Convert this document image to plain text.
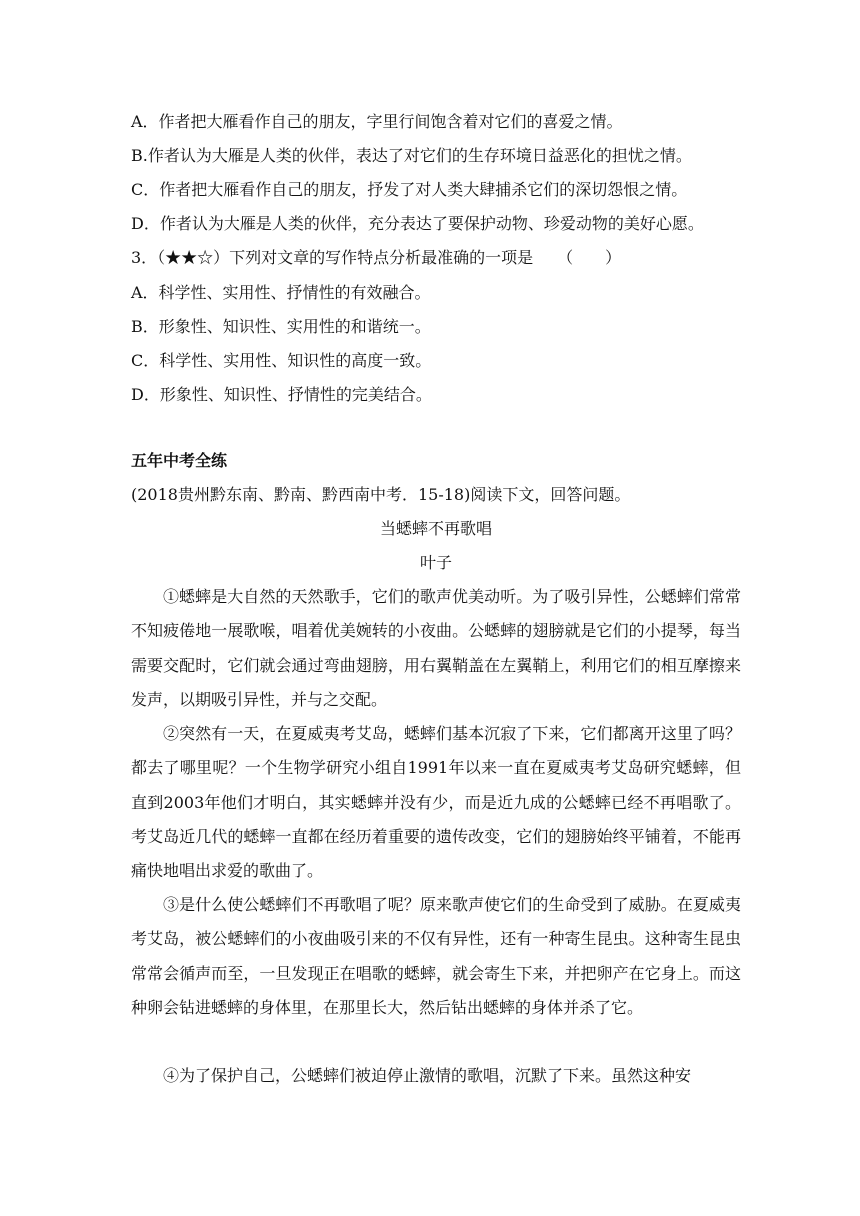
A．作者把大雁看作自己的朋友，字里行间饱含着对它们的喜爱之情。
B.作者认为大雁是人类的伙伴，表达了对它们的生存环境日益恶化的担忧之情。
C．作者把大雁看作自己的朋友，抒发了对人类大肆捕杀它们的深切怨恨之情。
D．作者认为大雁是人类的伙伴，充分表达了要保护动物、珍爱动物的美好心愿。
3．（★★☆）下列对文章的写作特点分析最准确的一项是　　（　　）
A．科学性、实用性、抒情性的有效融合。
B．形象性、知识性、实用性的和谐统一。
C．科学性、实用性、知识性的高度一致。
D．形象性、知识性、抒情性的完美结合。
五年中考全练
(2018贵州黔东南、黔南、黔西南中考．15-18)阅读下文，回答问题。
当蟋蟀不再歌唱
叶子

①蟋蟀是大自然的天然歌手，它们的歌声优美动听。为了吸引异性，公蟋蟀们常常不知疲倦地一展歌喉，唱着优美婉转的小夜曲。公蟋蟀的翅膀就是它们的小提琴，每当需要交配时，它们就会通过弯曲翅膀，用右翼鞘盖在左翼鞘上，利用它们的相互摩擦来发声，以期吸引异性，并与之交配。

②突然有一天，在夏威夷考艾岛，蟋蟀们基本沉寂了下来，它们都离开这里了吗？都去了哪里呢？一个生物学研究小组自1991年以来一直在夏威夷考艾岛研究蟋蟀，但直到2003年他们才明白，其实蟋蟀并没有少，而是近九成的公蟋蟀已经不再唱歌了。考艾岛近几代的蟋蟀一直都在经历着重要的遗传改变，它们的翅膀始终平铺着，不能再痛快地唱出求爱的歌曲了。

③是什么使公蟋蟀们不再歌唱了呢？原来歌声使它们的生命受到了威胁。在夏威夷考艾岛，被公蟋蟀们的小夜曲吸引来的不仅有异性，还有一种寄生昆虫。这种寄生昆虫常常会循声而至，一旦发现正在唱歌的蟋蟀，就会寄生下来，并把卵产在它身上。而这种卵会钻进蟋蟀的身体里，在那里长大，然后钻出蟋蟀的身体并杀了它。

④为了保护自己，公蟋蟀们被迫停止激情的歌唱，沉默了下来。虽然这种安
